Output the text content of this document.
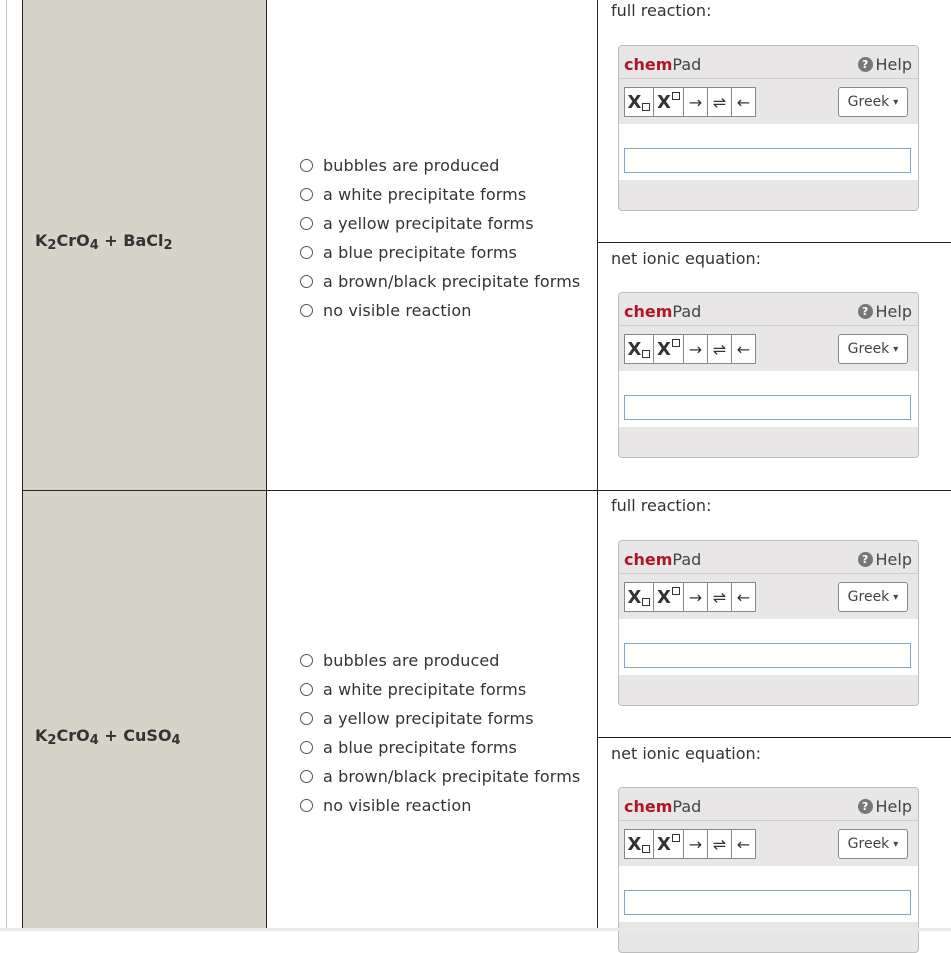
$K_2CrO_4$ + BaCl$_2$
bubbles are produced
a white precipitate forms
a yellow precipitate forms
a blue precipitate forms
a brown/black precipitate forms
no visible reaction
full reaction:
chemPad	? Help
X X → ⇌ ←	Greek ▾
net ionic equation:
chemPad	? Help
X X → ⇌ ←	Greek ▾
$K_2CrO_4$ + CuSO$_4$
bubbles are produced
a white precipitate forms
a yellow precipitate forms
a blue precipitate forms
a brown/black precipitate forms
no visible reaction
full reaction:
chemPad	? Help
X X → ⇌ ←	Greek ▾
net ionic equation:
chemPad	? Help
X X → ⇌ ←	Greek ▾
